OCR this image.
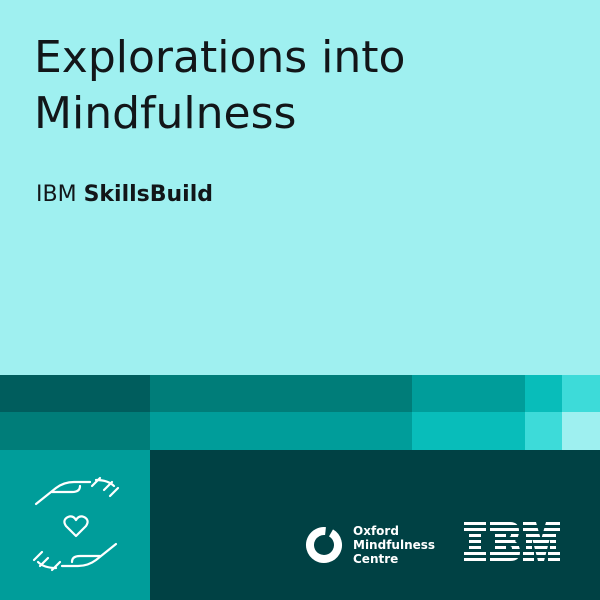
Explorations into
Mindfulness
IBM SkillsBuild
Oxford
Mindfulness
Centre
